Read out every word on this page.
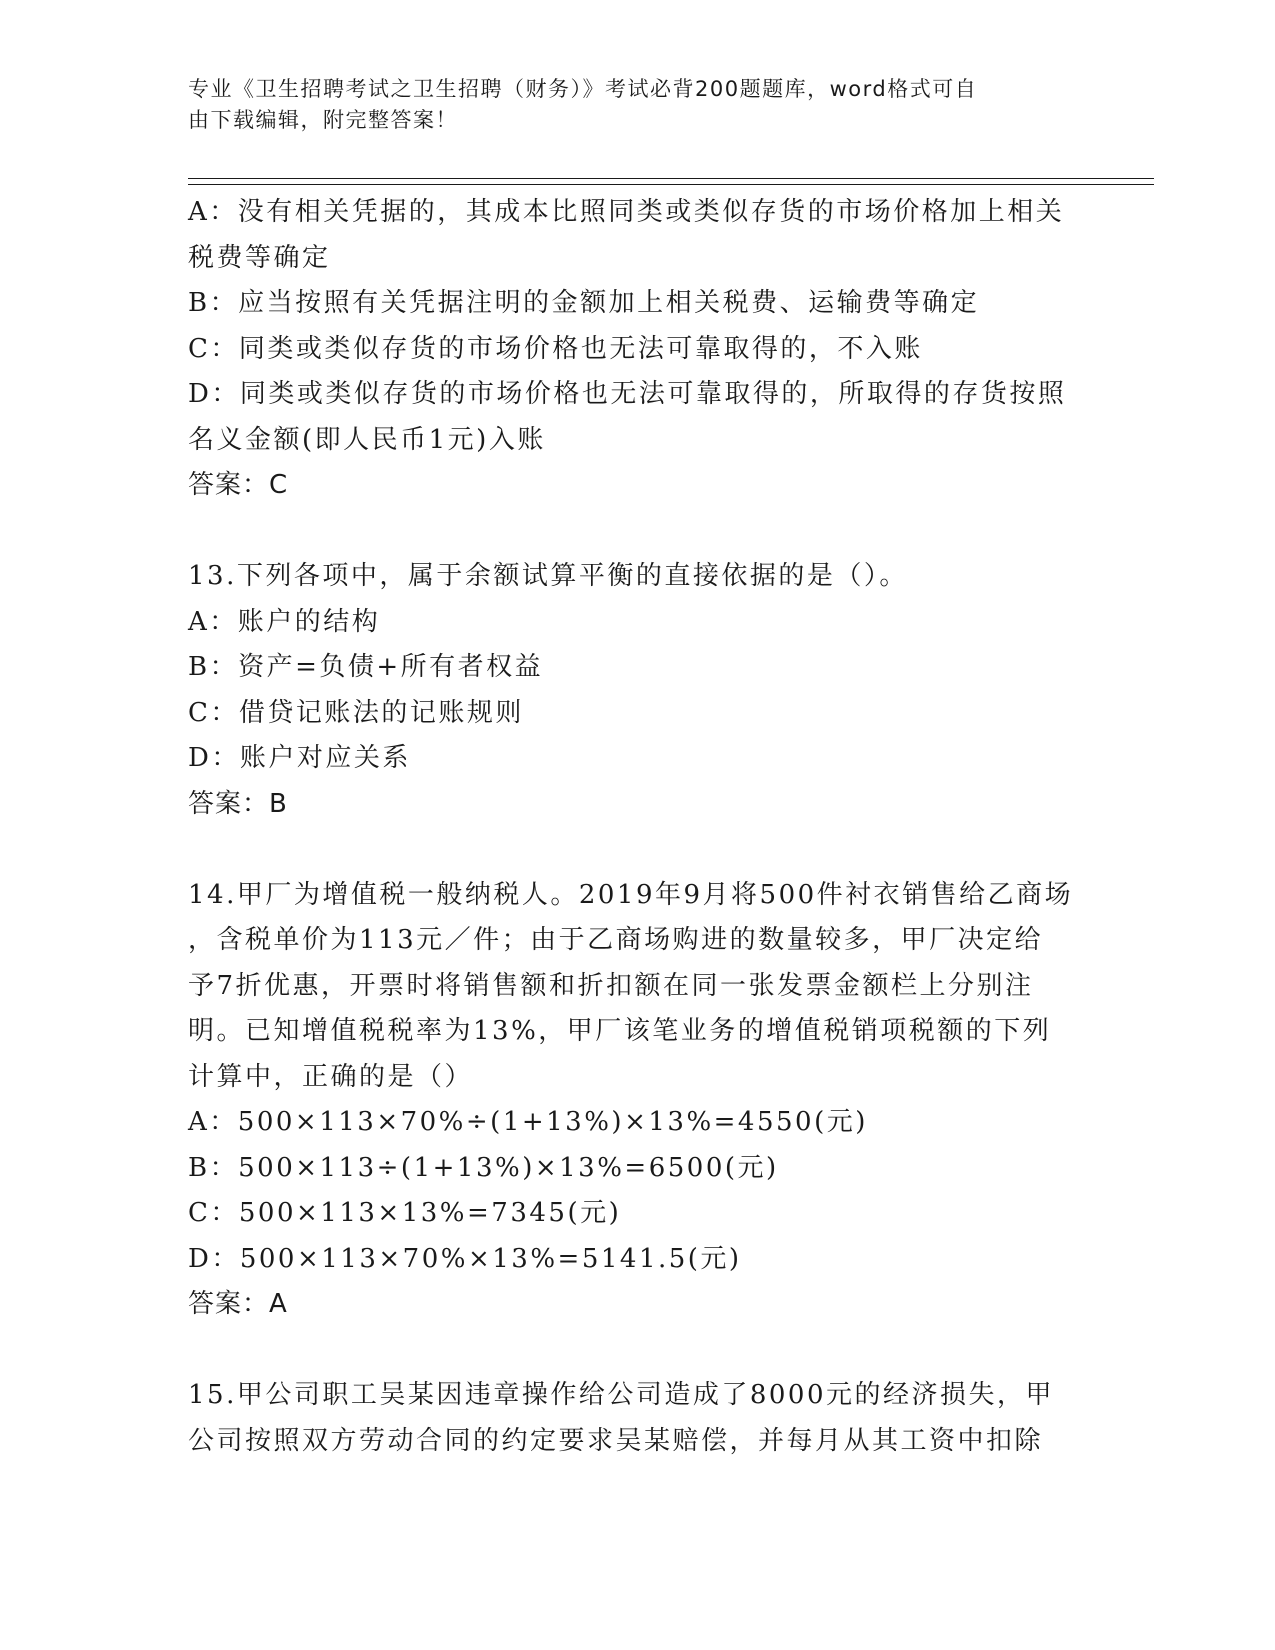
专业《卫生招聘考试之卫生招聘（财务）》考试必背200题题库，word格式可自
由下载编辑，附完整答案！
A：没有相关凭据的，其成本比照同类或类似存货的市场价格加上相关
税费等确定
B：应当按照有关凭据注明的金额加上相关税费、运输费等确定
C：同类或类似存货的市场价格也无法可靠取得的，不入账
D：同类或类似存货的市场价格也无法可靠取得的，所取得的存货按照
名义金额(即人民币1元)入账
答案：C
13.下列各项中，属于余额试算平衡的直接依据的是（）。
A：账户的结构
B：资产=负债+所有者权益
C：借贷记账法的记账规则
D：账户对应关系
答案：B
14.甲厂为增值税一般纳税人。2019年9月将500件衬衣销售给乙商场
，含税单价为113元／件；由于乙商场购进的数量较多，甲厂决定给
予7折优惠，开票时将销售额和折扣额在同一张发票金额栏上分别注
明。已知增值税税率为13%，甲厂该笔业务的增值税销项税额的下列
计算中，正确的是（）
A：500×113×70%÷(1+13%)×13%=4550(元)
B：500×113÷(1+13%)×13%=6500(元)
C：500×113×13%=7345(元)
D：500×113×70%×13%=5141.5(元)
答案：A
15.甲公司职工吴某因违章操作给公司造成了8000元的经济损失，甲
公司按照双方劳动合同的约定要求吴某赔偿，并每月从其工资中扣除
